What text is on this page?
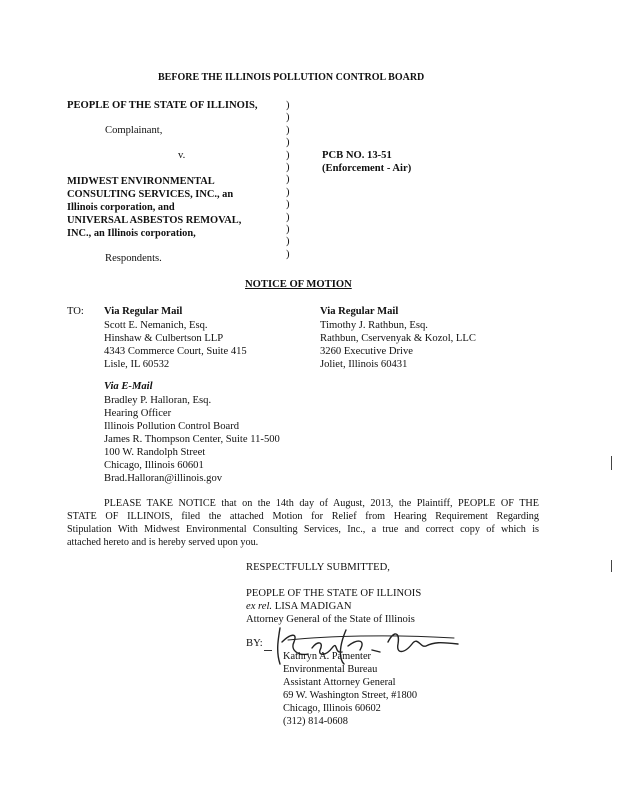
BEFORE THE ILLINOIS POLLUTION CONTROL BOARD
PEOPLE OF THE STATE OF ILLINOIS,
Complainant,
v.
MIDWEST ENVIRONMENTAL
CONSULTING SERVICES, INC., an
Illinois corporation, and
UNIVERSAL ASBESTOS REMOVAL,
INC., an Illinois corporation,
Respondents.
)
)
)
)
)
)
)
)
)
)
)
)
)
PCB NO. 13-51
(Enforcement - Air)
NOTICE OF MOTION
TO: Via Regular Mail
Scott E. Nemanich, Esq.
Hinshaw & Culbertson LLP
4343 Commerce Court, Suite 415
Lisle, IL 60532
Via Regular Mail
Timothy J. Rathbun, Esq.
Rathbun, Cservenyak & Kozol, LLC
3260 Executive Drive
Joliet, Illinois 60431
Via E-Mail
Bradley P. Halloran, Esq.
Hearing Officer
Illinois Pollution Control Board
James R. Thompson Center, Suite 11-500
100 W. Randolph Street
Chicago, Illinois 60601
Brad.Halloran@illinois.gov
PLEASE TAKE NOTICE that on the 14th day of August, 2013, the Plaintiff, PEOPLE OF THE
STATE OF ILLINOIS, filed the attached Motion for Relief from Hearing Requirement Regarding
Stipulation With Midwest Environmental Consulting Services, Inc., a true and correct copy of which is
attached hereto and is hereby served upon you.
RESPECTFULLY SUBMITTED,
PEOPLE OF THE STATE OF ILLINOIS
ex rel. LISA MADIGAN
Attorney General of the State of Illinois
BY:
Kathryn A. Pamenter
Environmental Bureau
Assistant Attorney General
69 W. Washington Street, #1800
Chicago, Illinois 60602
(312) 814-0608
